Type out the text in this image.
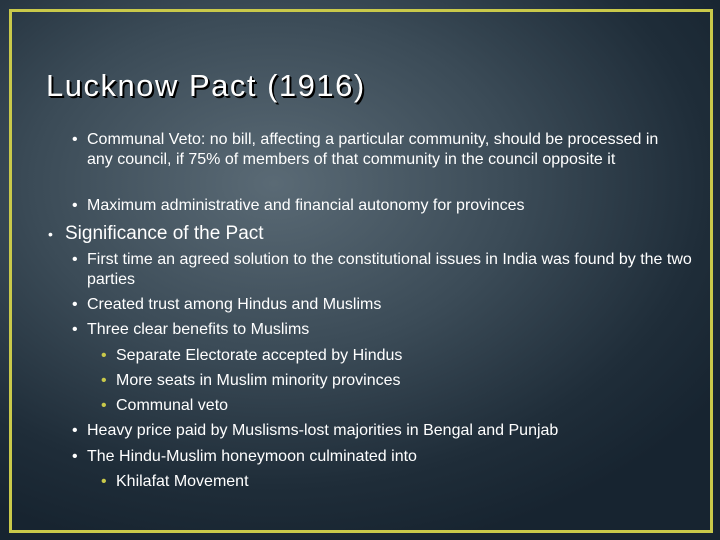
Lucknow Pact (1916)
• Communal Veto: no bill, affecting a particular community, should be processed in any council, if 75% of members of that community in the council opposite it
• Maximum administrative and financial autonomy for provinces
• Significance of the Pact
• First time an agreed solution to the constitutional issues in India was found by the two parties
• Created trust among Hindus and Muslims
• Three clear benefits to Muslims
• Separate Electorate accepted by Hindus
• More seats in Muslim minority provinces
• Communal veto
• Heavy price paid by Muslisms-lost majorities in Bengal and Punjab
• The Hindu-Muslim honeymoon culminated into
• Khilafat Movement
